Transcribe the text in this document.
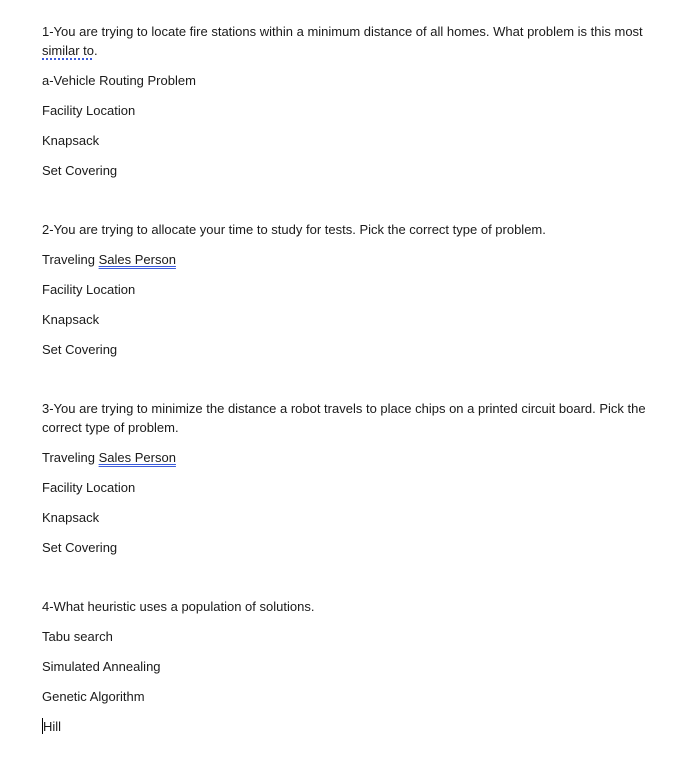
1-You are trying to locate fire stations within a minimum distance of all homes. What problem is this most similar to.

a-Vehicle Routing Problem

Facility Location

Knapsack

Set Covering

2-You are trying to allocate your time to study for tests. Pick the correct type of problem.

Traveling Sales Person

Facility Location

Knapsack

Set Covering

3-You are trying to minimize the distance a robot travels to place chips on a printed circuit board. Pick the correct type of problem.

Traveling Sales Person

Facility Location

Knapsack

Set Covering

4-What heuristic uses a population of solutions.

Tabu search

Simulated Annealing

Genetic Algorithm

Hill
